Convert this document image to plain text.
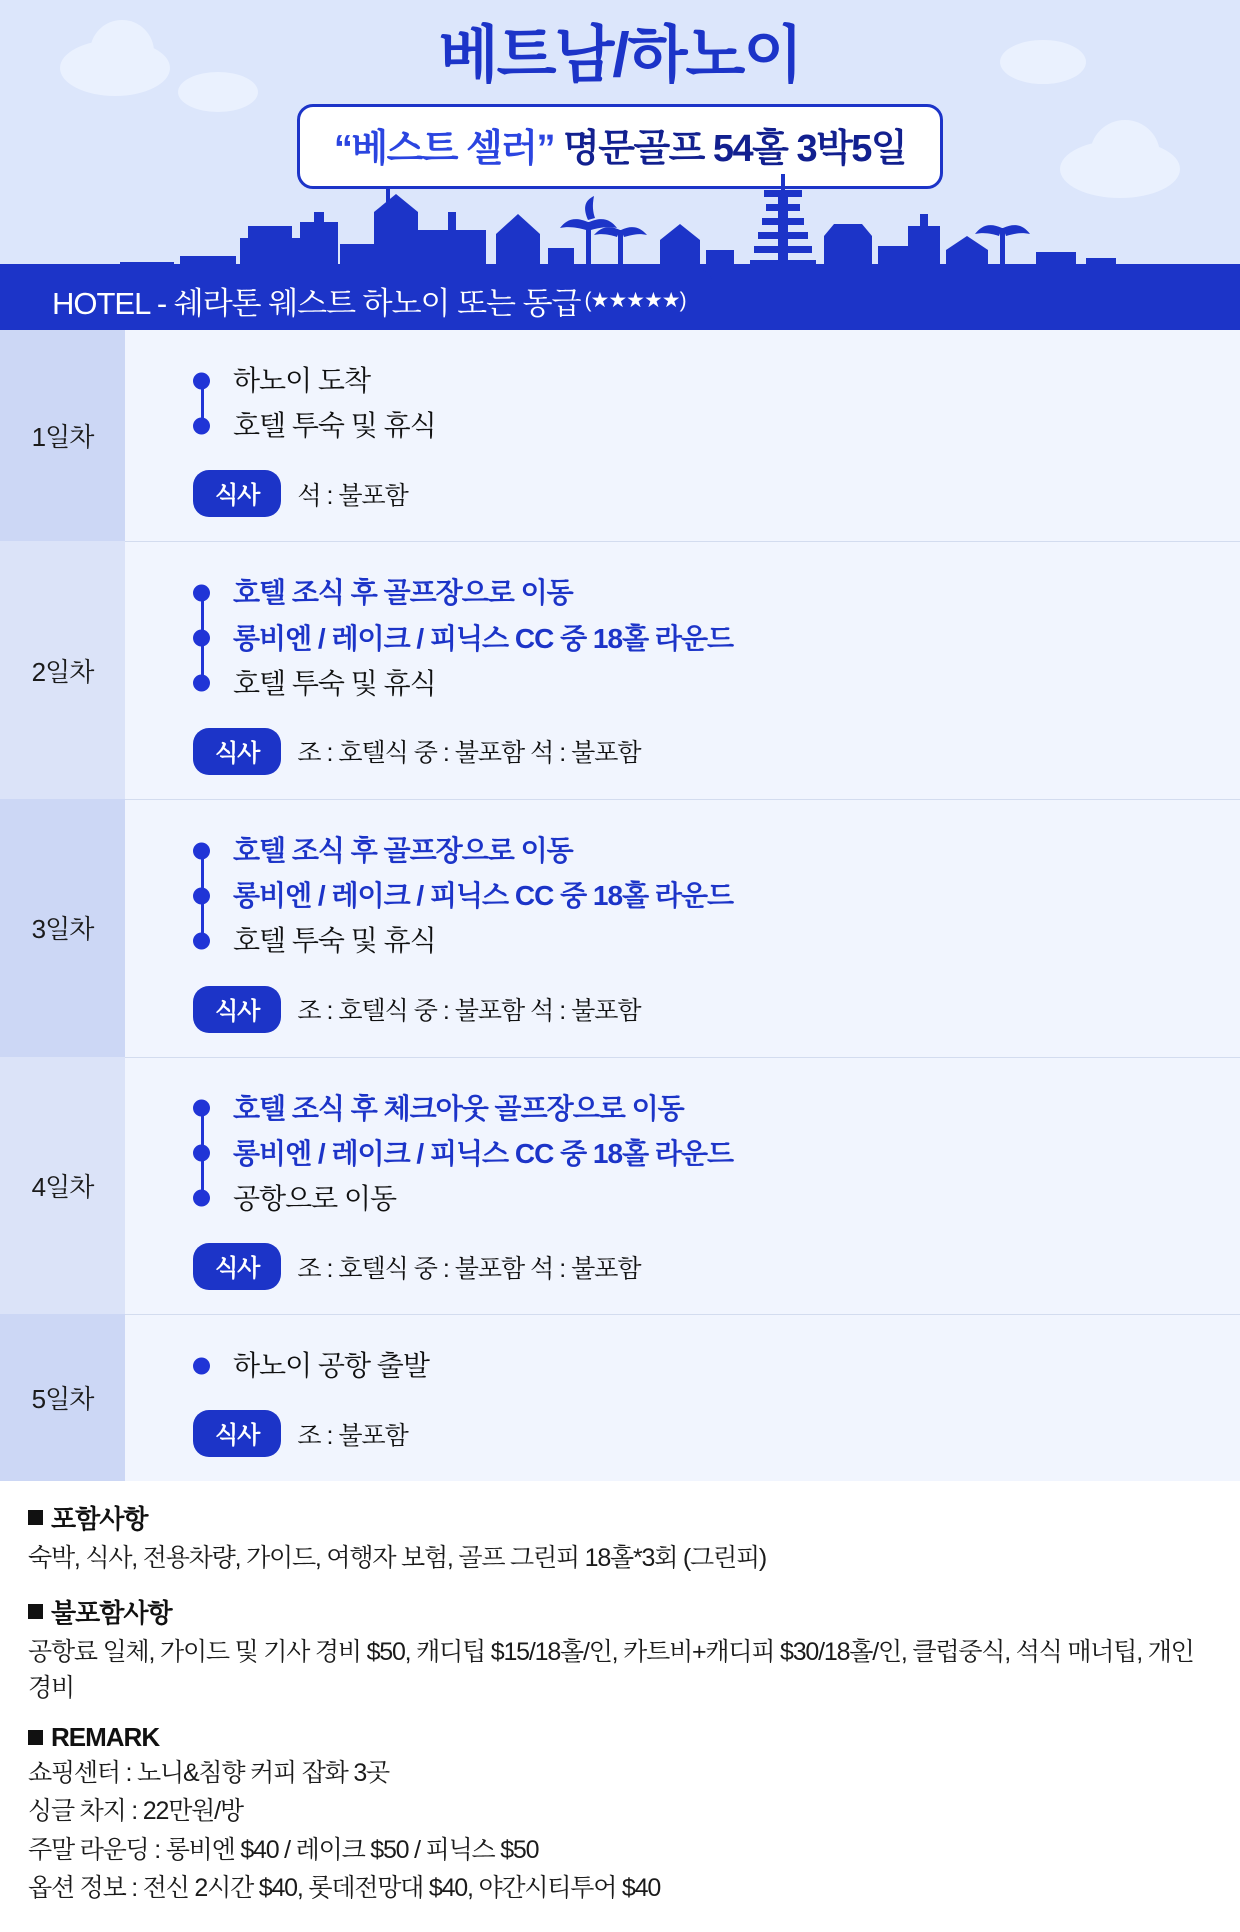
베트남/하노이
“베스트 셀러” 명문골프 54홀 3박5일
HOTEL - 쉐라톤 웨스트 하노이 또는 동급 (★★★★★)
1일차
하노이 도착
호텔 투숙 및 휴식
식사	석 : 불포함
2일차
호텔 조식 후 골프장으로 이동
롱비엔 / 레이크 / 피닉스 CC 중 18홀 라운드
호텔 투숙 및 휴식
식사	조 : 호텔식 중 : 불포함 석 : 불포함
3일차
호텔 조식 후 골프장으로 이동
롱비엔 / 레이크 / 피닉스 CC 중 18홀 라운드
호텔 투숙 및 휴식
식사	조 : 호텔식 중 : 불포함 석 : 불포함
4일차
호텔 조식 후 체크아웃 골프장으로 이동
롱비엔 / 레이크 / 피닉스 CC 중 18홀 라운드
공항으로 이동
식사	조 : 호텔식 중 : 불포함 석 : 불포함
5일차
하노이 공항 출발
식사	조 : 불포함
포함사항
숙박, 식사, 전용차량, 가이드, 여행자 보험, 골프 그린피 18홀*3회 (그린피)
불포함사항
공항료 일체, 가이드 및 기사 경비 $50, 캐디팁 $15/18홀/인, 카트비+캐디피 $30/18홀/인, 클럽중식, 석식 매너팁, 개인경비
REMARK
쇼핑센터 : 노니&침향 커피 잡화 3곳
싱글 차지 : 22만원/방
주말 라운딩 : 롱비엔 $40 / 레이크 $50 / 피닉스 $50
옵션 정보 : 전신 2시간 $40, 롯데전망대 $40, 야간시티투어 $40
